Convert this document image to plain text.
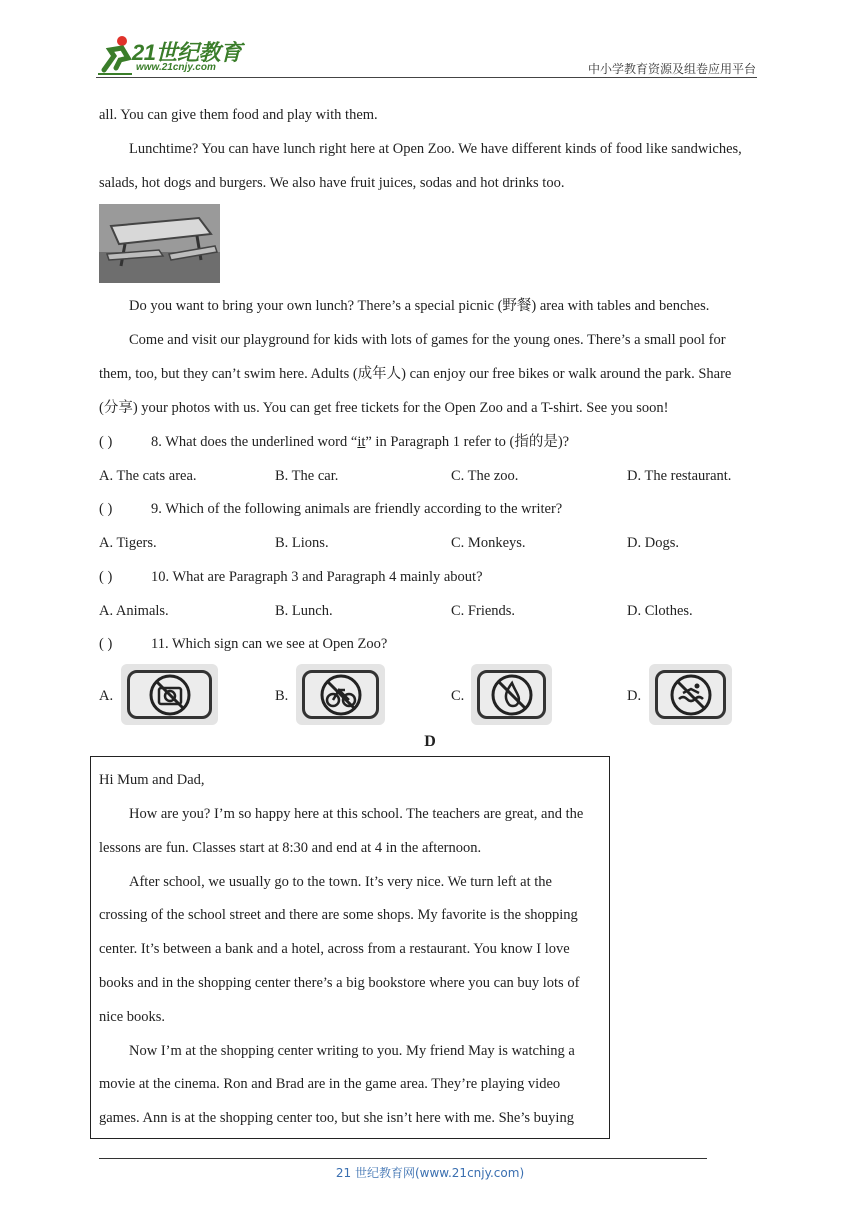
21世纪教育
www.21cnjy.com	中小学教育资源及组卷应用平台
all. You can give them food and play with them.
Lunchtime? You can have lunch right here at Open Zoo. We have different kinds of food like sandwiches,
salads, hot dogs and burgers. We also have fruit juices, sodas and hot drinks too.
Do you want to bring your own lunch? There’s a special picnic (野餐) area with tables and benches.
Come and visit our playground for kids with lots of games for the young ones. There’s a small pool for
them, too, but they can’t swim here. Adults (成年人) can enjoy our free bikes or walk around the park. Share
(分享) your photos with us. You can get free tickets for the Open Zoo and a T-shirt. See you soon!
( )	8. What does the underlined word “it” in Paragraph 1 refer to (指的是)?
A. The cats area.	B. The car.	C. The zoo.	D. The restaurant.
( )	9. Which of the following animals are friendly according to the writer?
A. Tigers.	B. Lions.	C. Monkeys.	D. Dogs.
( )	10. What are Paragraph 3 and Paragraph 4 mainly about?
A. Animals.	B. Lunch.	C. Friends.	D. Clothes.
( )	11. Which sign can we see at Open Zoo?
A.	B.	C.	D.
D
Hi Mum and Dad,
How are you? I’m so happy here at this school. The teachers are great, and the
lessons are fun. Classes start at 8:30 and end at 4 in the afternoon.
After school, we usually go to the town. It’s very nice. We turn left at the
crossing of the school street and there are some shops. My favorite is the shopping
center. It’s between a bank and a hotel, across from a restaurant. You know I love
books and in the shopping center there’s a big bookstore where you can buy lots of
nice books.
Now I’m at the shopping center writing to you. My friend May is watching a
movie at the cinema. Ron and Brad are in the game area. They’re playing video
games. Ann is at the shopping center too, but she isn’t here with me. She’s buying
21 世纪教育网(www.21cnjy.com)
